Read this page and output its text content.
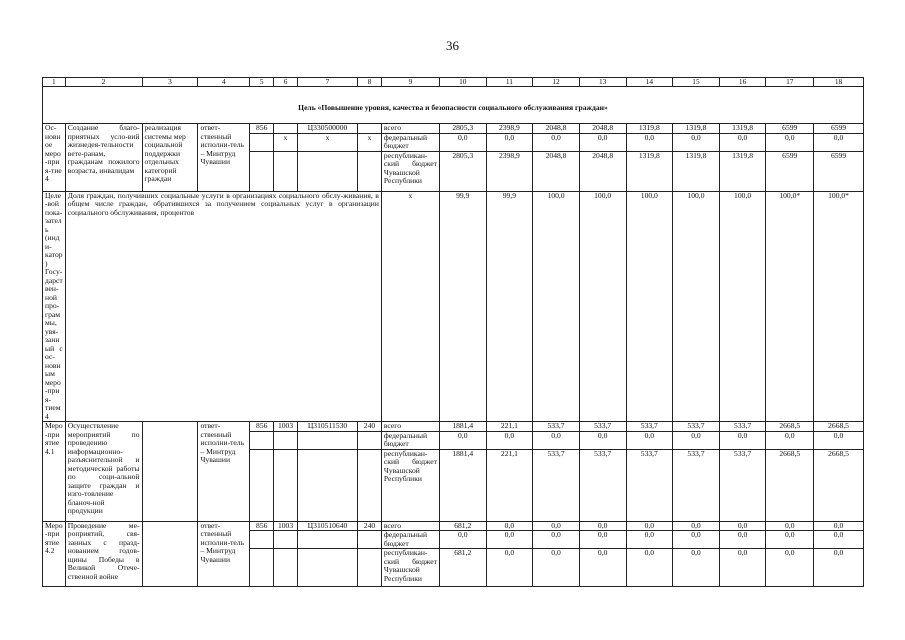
36
1	2	3	4	5	6	7	8	9	10	11	12	13	14	15	16	17	18
Цель «Повышение уровня, качества и безопасности социального обслуживания граждан»																	
Ос-новное меро-прия-тие 4	Создание благо-приятных усло-вий жизнедея-тельности вете-ранам, гражданам пожилого возраста, инвалидам	реализация системы мер социальной поддержки отдельных категорий граждан	ответ-ственный исполни-тель – Минтруд Чувашии	856		Ц330500000		всего	2805,3	2398,9	2048,8	2048,8	1319,8	1319,8	1319,8	6599	6599
					x	x	x	федеральный бюджет	0,0	0,0	0,0	0,0	0,0	0,0	0,0	0,0	0,0
								республикан-ский бюджет Чувашской Республики	2805,3	2398,9	2048,8	2048,8	1319,8	1319,8	1319,8	6599	6599
Целе-вой пока-затель (инди-катор) Госу-дарствен-ной про-граммы, увя-занный с ос-новным меро-прия-тием 4	Доля граждан, получивших социальные услуги в организациях социального обслу-живания, в общем числе граждан, обратившихся за получением социальных услуг в организации социального обслуживания, процентов							x	99,9	99,9	100,0	100,0	100,0	100,0	100,0	100,0*	100,0*
Меро-приятие 4.1	Осуществление мероприятий по проведению информационно-разъяснительной и методической работы по соци-альной защите граждан и изго-товление бланоч-ной продукции		ответ-ственный исполни-тель – Минтруд Чувашии	856	1003	Ц310511530	240	всего	1881,4	221,1	533,7	533,7	533,7	533,7	533,7	2668,5	2668,5
								федеральный бюджет	0,0	0,0	0,0	0,0	0,0	0,0	0,0	0,0	0,0
								республикан-ский бюджет Чувашской Республики	1881,4	221,1	533,7	533,7	533,7	533,7	533,7	2668,5	2668,5
Меро-приятие 4.2	Проведение ме-роприятий, свя-занных с празд-нованием годов-щины Победы в Великой Отече-ственной войне		ответ-ственный исполни-тель – Минтруд Чувашии	856	1003	Ц310510640	240	всего	681,2	0,0	0,0	0,0	0,0	0,0	0,0	0,0	0,0
								федеральный бюджет	0,0	0,0	0,0	0,0	0,0	0,0	0,0	0,0	0,0
								республикан-ский бюджет Чувашской Республики	681,2	0,0	0,0	0,0	0,0	0,0	0,0	0,0	0,0
